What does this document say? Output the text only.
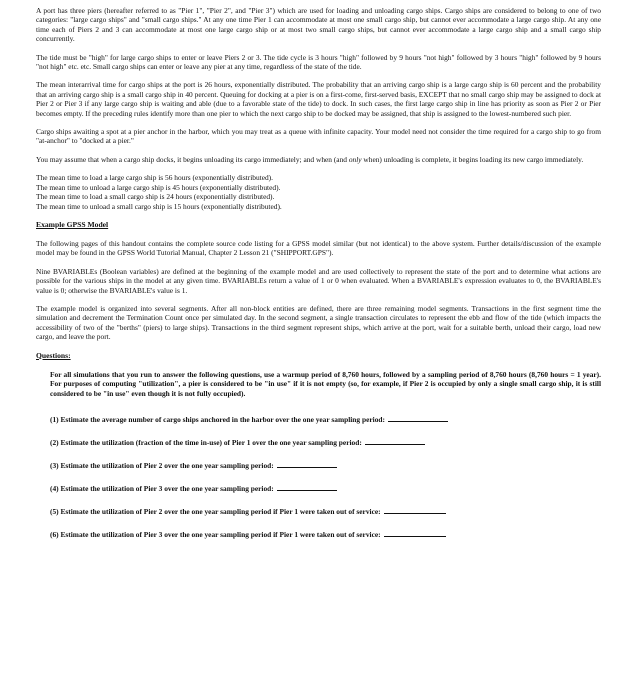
A port has three piers (hereafter referred to as "Pier 1", "Pier 2", and "Pier 3") which are used for loading and unloading cargo ships. Cargo ships are considered to belong to one of two categories: "large cargo ships" and "small cargo ships." At any one time Pier 1 can accommodate at most one small cargo ship, but cannot ever accommodate a large cargo ship. At any one time each of Piers 2 and 3 can accommodate at most one large cargo ship or at most two small cargo ships, but cannot ever accommodate a large cargo ship and a small cargo ship concurrently.

The tide must be "high" for large cargo ships to enter or leave Piers 2 or 3. The tide cycle is 3 hours "high" followed by 9 hours "not high" followed by 3 hours "high" followed by 9 hours "not high" etc. etc. Small cargo ships can enter or leave any pier at any time, regardless of the state of the tide.

The mean interarrival time for cargo ships at the port is 26 hours, exponentially distributed. The probability that an arriving cargo ship is a large cargo ship is 60 percent and the probability that an arriving cargo ship is a small cargo ship in 40 percent. Queuing for docking at a pier is on a first-come, first-served basis, EXCEPT that no small cargo ship may be assigned to dock at Pier 2 or Pier 3 if any large cargo ship is waiting and able (due to a favorable state of the tide) to dock. In such cases, the first large cargo ship in line has priority as soon as Pier 2 or Pier becomes empty. If the preceding rules identify more than one pier to which the next cargo ship to be docked may be assigned, that ship is assigned to the lowest-numbered such pier.

Cargo ships awaiting a spot at a pier anchor in the harbor, which you may treat as a queue with infinite capacity. Your model need not consider the time required for a cargo ship to go from "at-anchor" to "docked at a pier."

You may assume that when a cargo ship docks, it begins unloading its cargo immediately; and when (and only when) unloading is complete, it begins loading its new cargo immediately.

The mean time to load a large cargo ship is 56 hours (exponentially distributed).
The mean time to unload a large cargo ship is 45 hours (exponentially distributed).
The mean time to load a small cargo ship is 24 hours (exponentially distributed).
The mean time to unload a small cargo ship is 15 hours (exponentially distributed).
Example GPSS Model

The following pages of this handout contains the complete source code listing for a GPSS model similar (but not identical) to the above system. Further details/discussion of the example model may be found in the GPSS World Tutorial Manual, Chapter 2 Lesson 21 ("SHIPPORT.GPS").

Nine BVARIABLEs (Boolean variables) are defined at the beginning of the example model and are used collectively to represent the state of the port and to determine what actions are possible for the various ships in the model at any given time. BVARIABLEs return a value of 1 or 0 when evaluated. When a BVARIABLE's expression evaluates to 0, the BVARIABLE's value is 0; otherwise the BVARIABLE's value is 1.

The example model is organized into several segments. After all non-block entities are defined, there are three remaining model segments. Transactions in the first segment time the simulation and decrement the Termination Count once per simulated day. In the second segment, a single transaction circulates to represent the ebb and flow of the tide (which impacts the accessibility of two of the "berths" (piers) to large ships). Transactions in the third segment represent ships, which arrive at the port, wait for a suitable berth, unload their cargo, load new cargo, and leave the port.

Questions:
For all simulations that you run to answer the following questions, use a warmup period of 8,760 hours, followed by a sampling period of 8,760 hours (8,760 hours = 1 year). For purposes of computing "utilization", a pier is considered to be "in use" if it is not empty (so, for example, if Pier 2 is occupied by only a single small cargo ship, it is still considered to be "in use" even though it is not fully occupied).
(1) Estimate the average number of cargo ships anchored in the harbor over the one year sampling period:
(2) Estimate the utilization (fraction of the time in-use) of Pier 1 over the one year sampling period:
(3) Estimate the utilization of Pier 2 over the one year sampling period:
(4) Estimate the utilization of Pier 3 over the one year sampling period:
(5) Estimate the utilization of Pier 2 over the one year sampling period if Pier 1 were taken out of service:
(6) Estimate the utilization of Pier 3 over the one year sampling period if Pier 1 were taken out of service:
